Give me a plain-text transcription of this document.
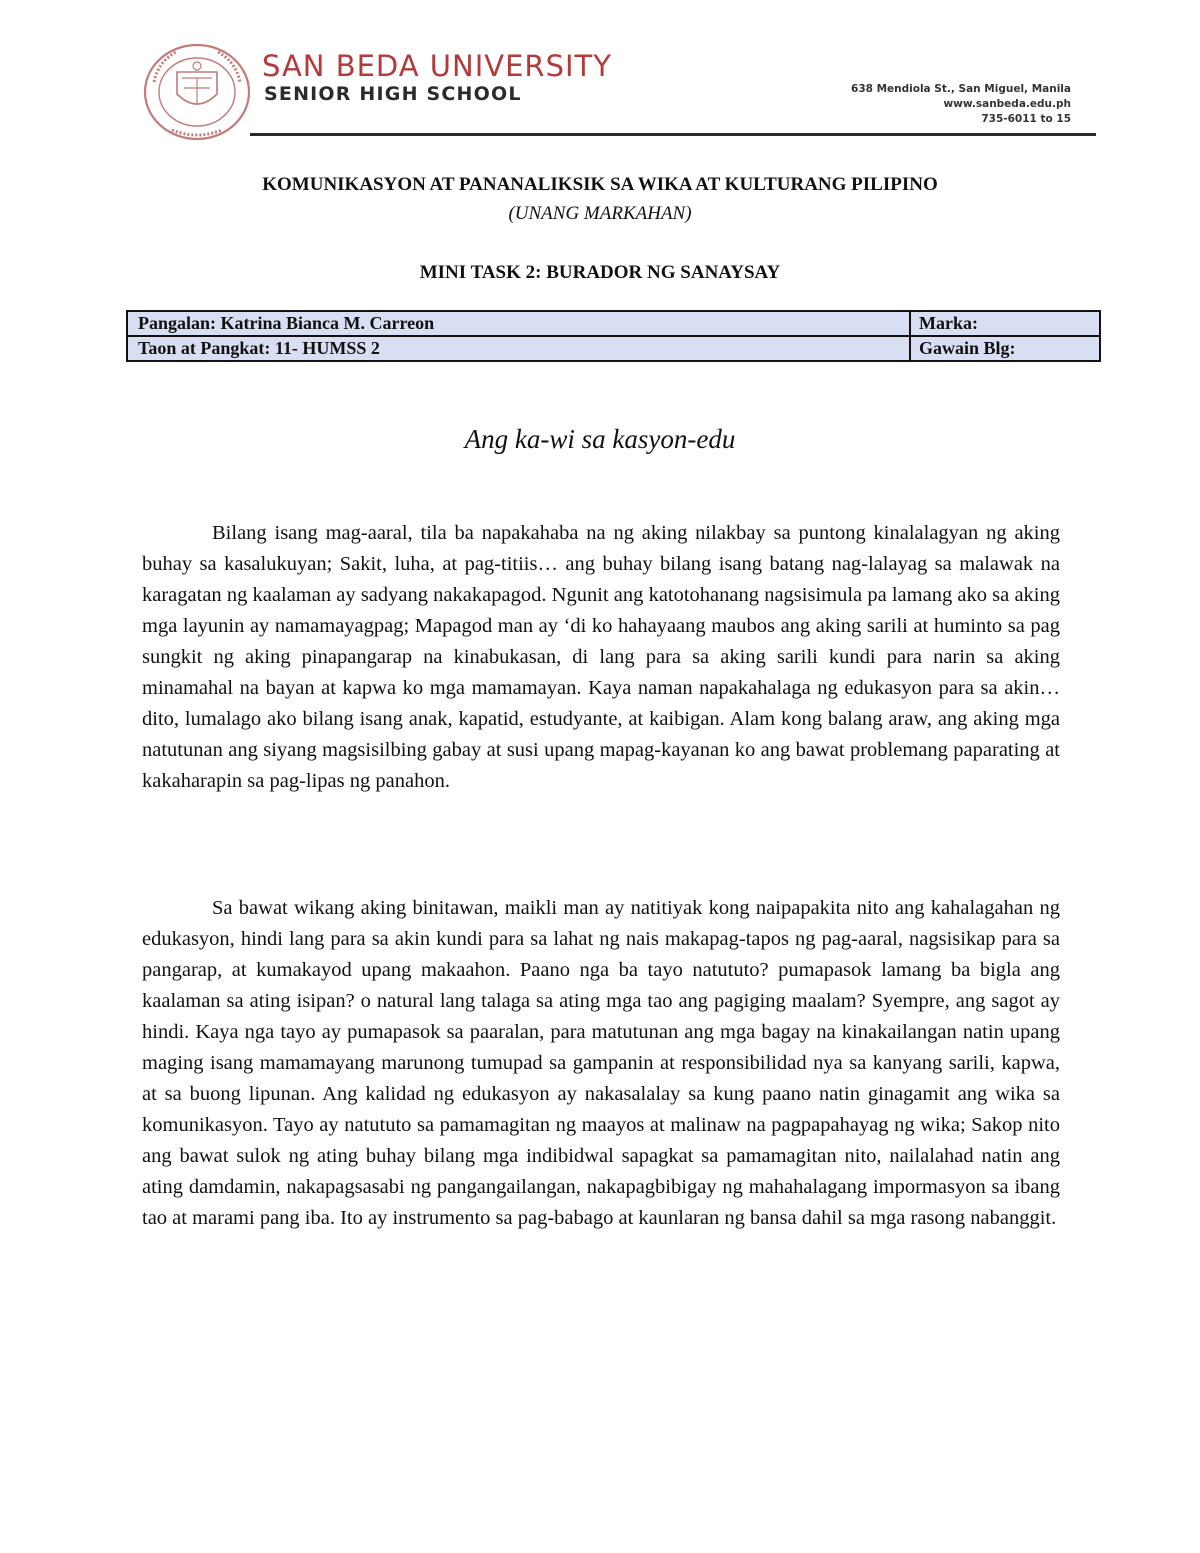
SAN BEDA UNIVERSITY
SENIOR HIGH SCHOOL	638 Mendiola St., San Miguel, Manila
www.sanbeda.edu.ph
735-6011 to 15
KOMUNIKASYON AT PANANALIKSIK SA WIKA AT KULTURANG PILIPINO
(UNANG MARKAHAN)
MINI TASK 2: BURADOR NG SANAYSAY
Pangalan: Katrina Bianca M. Carreon	Marka:
Taon at Pangkat: 11- HUMSS 2	Gawain Blg:
Ang ka-wi sa kasyon-edu

Bilang isang mag-aaral, tila ba napakahaba na ng aking nilakbay sa puntong kinalalagyan ng aking buhay sa kasalukuyan; Sakit, luha, at pag-titiis… ang buhay bilang isang batang nag-lalayag sa malawak na karagatan ng kaalaman ay sadyang nakakapagod. Ngunit ang katotohanang nagsisimula pa lamang ako sa aking mga layunin ay namamayagpag; Mapagod man ay ‘di ko hahayaang maubos ang aking sarili at huminto sa pag sungkit ng aking pinapangarap na kinabukasan, di lang para sa aking sarili kundi para narin sa aking minamahal na bayan at kapwa ko mga mamamayan. Kaya naman napakahalaga ng edukasyon para sa akin… dito, lumalago ako bilang isang anak, kapatid, estudyante, at kaibigan. Alam kong balang araw, ang aking mga natutunan ang siyang magsisilbing gabay at susi upang mapag-kayanan ko ang bawat problemang paparating at kakaharapin sa pag-lipas ng panahon.

Sa bawat wikang aking binitawan, maikli man ay natitiyak kong naipapakita nito ang kahalagahan ng edukasyon, hindi lang para sa akin kundi para sa lahat ng nais makapag-tapos ng pag-aaral, nagsisikap para sa pangarap, at kumakayod upang makaahon. Paano nga ba tayo natututo? pumapasok lamang ba bigla ang kaalaman sa ating isipan? o natural lang talaga sa ating mga tao ang pagiging maalam? Syempre, ang sagot ay hindi. Kaya nga tayo ay pumapasok sa paaralan, para matutunan ang mga bagay na kinakailangan natin upang maging isang mamamayang marunong tumupad sa gampanin at responsibilidad nya sa kanyang sarili, kapwa, at sa buong lipunan. Ang kalidad ng edukasyon ay nakasalalay sa kung paano natin ginagamit ang wika sa komunikasyon. Tayo ay natututo sa pamamagitan ng maayos at malinaw na pagpapahayag ng wika; Sakop nito ang bawat sulok ng ating buhay bilang mga indibidwal sapagkat sa pamamagitan nito, nailalahad natin ang ating damdamin, nakapagsasabi ng pangangailangan, nakapagbibigay ng mahahalagang impormasyon sa ibang tao at marami pang iba. Ito ay instrumento sa pag-babago at kaunlaran ng bansa dahil sa mga rasong nabanggit.
